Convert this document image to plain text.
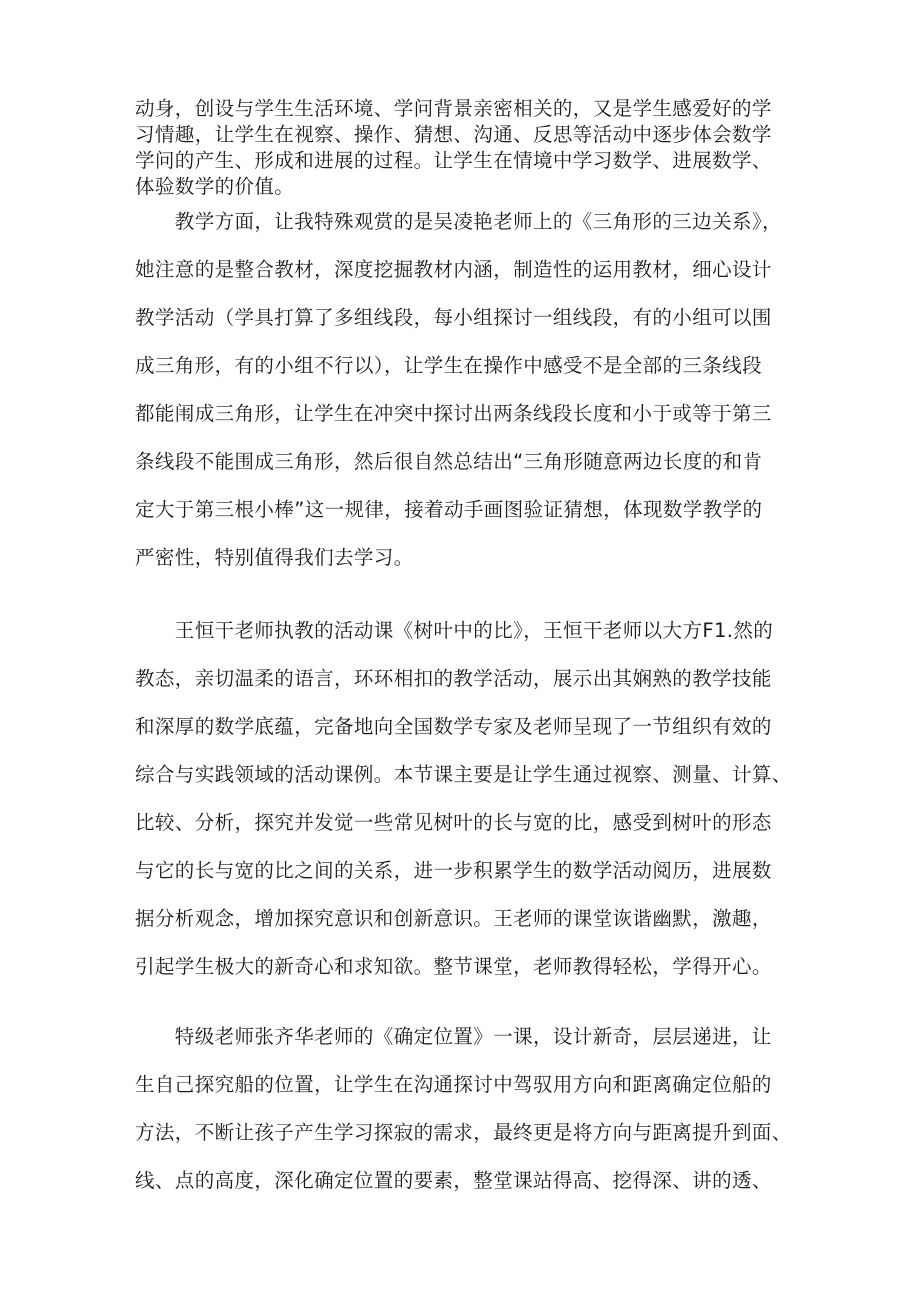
动身，创设与学生生活环境、学问背景亲密相关的，又是学生感爱好的学
习情趣，让学生在视察、操作、猜想、沟通、反思等活动中逐步体会数学
学问的产生、形成和进展的过程。让学生在情境中学习数学、进展数学、
体验数学的价值。
　　教学方面，让我特殊观赏的是吴凌艳老师上的《三角形的三边关系》，
她注意的是整合教材，深度挖掘教材内涵，制造性的运用教材，细心设计
教学活动（学具打算了多组线段，每小组探讨一组线段，有的小组可以围
成三角形，有的小组不行以），让学生在操作中感受不是全部的三条线段
都能闱成三角形，让学生在冲突中探讨出两条线段长度和小于或等于第三
条线段不能围成三角形，然后很自然总结出“三角形随意两边长度的和肯
定大于第三根小棒”这一规律，接着动手画图验证猜想，体现数学教学的
严密性，特别值得我们去学习。
　　王恒干老师执教的活动课《树叶中的比》，王恒干老师以大方F1.然的
教态，亲切温柔的语言，环环相扣的教学活动，展示出其娴熟的教学技能
和深厚的数学底蕴，完备地向全国数学专家及老师呈现了一节组织有效的
综合与实践领域的活动课例。本节课主要是让学生通过视察、测量、计算、
比较、分析，探究并发觉一些常见树叶的长与宽的比，感受到树叶的形态
与它的长与宽的比之间的关系，进一步积累学生的数学活动阅历，进展数
据分析观念，增加探究意识和创新意识。王老师的课堂诙谐幽默，激趣，
引起学生极大的新奇心和求知欲。整节课堂，老师教得轻松，学得开心。
　　特级老师张齐华老师的《确定位置》一课，设计新奇，层层递进，让
生自己探究船的位置，让学生在沟通探讨中驾驭用方向和距离确定位船的
方法，不断让孩子产生学习探寂的需求，最终更是将方向与距离提升到面、
线、点的高度，深化确定位置的要素，整堂课站得高、挖得深、讲的透、
